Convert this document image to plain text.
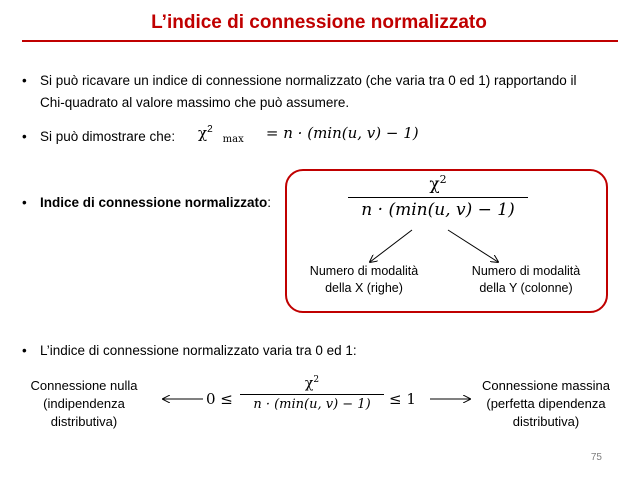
L’indice di connessione normalizzato
• Si può ricavare un indice di connessione normalizzato (che varia tra 0 ed 1) rapportando il
Chi-quadrato al valore massimo che può assumere.
• Si può dimostrare che: $\chi^2_{max} = n \cdot (\min(u$, v) − 1)
• Indice di connessione normalizzato:
$\chi^2$
n · (min(u, v) − 1)
Numero di modalità
della X (righe)
Numero di modalità
della Y (colonne)
• L’indice di connessione normalizzato varia tra 0 ed 1:
Connessione nulla
(indipendenza
distributiva)
0 ≤
$\chi^2$
n · (min(u, v) − 1)	≤ 1
Connessione massina
(perfetta dipendenza
distributiva)
75
